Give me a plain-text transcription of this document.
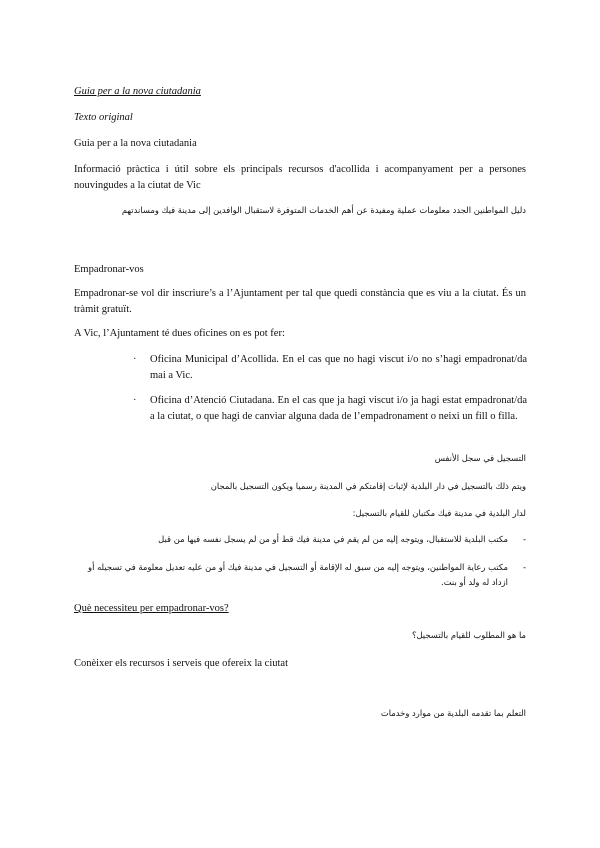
Guia per a la nova ciutadania
Texto original
Guia per a la nova ciutadania
Informació pràctica i útil sobre els principals recursos d'acollida i acompanyament per a persones nouvingudes a la ciutat de Vic
دليل المواطنين الجدد معلومات عملية ومفيدة عن أهم الخدمات المتوفرة لاستقبال الوافدين إلى مدينة فيك ومساندتهم
Empadronar-vos
Empadronar-se vol dir inscriure’s a l’Ajuntament per tal que quedi constància que es viu a la ciutat. És un tràmit gratuït.
A Vic, l’Ajuntament té dues oficines on es pot fer:
· Oficina Municipal d’Acollida. En el cas que no hagi viscut i/o no s’hagi empadronat/da mai a Vic.
· Oficina d’Atenció Ciutadana. En el cas que ja hagi viscut i/o ja hagi estat empadronat/da a la ciutat, o que hagi de canviar alguna dada de l’empadronament o neixi un fill o filla.
التسجيل في سجل الأنفس
ويتم ذلك بالتسجيل في دار البلدية لإثبات إقامتكم في المدينة رسميا ويكون التسجيل بالمجان
لدار البلدية في مدينة فيك مكتبان للقيام بالتسجيل:
-
مكتب البلدية للاستقبال، ويتوجه إليه من لم يقم في مدينة فيك قط أو من لم يسجل نفسه فيها من قبل
-
مكتب رعاية المواطنين، ويتوجه إليه من سبق له الإقامة أو التسجيل في مدينة فيك أو من عليه تعديل معلومة في تسجيله أو ازداد له ولد أو بنت.
Què necessiteu per empadronar-vos?
ما هو المطلوب للقيام بالتسجيل؟
Conèixer els recursos i serveis que ofereix la ciutat
التعلم بما تقدمه البلدية من موارد وخدمات
